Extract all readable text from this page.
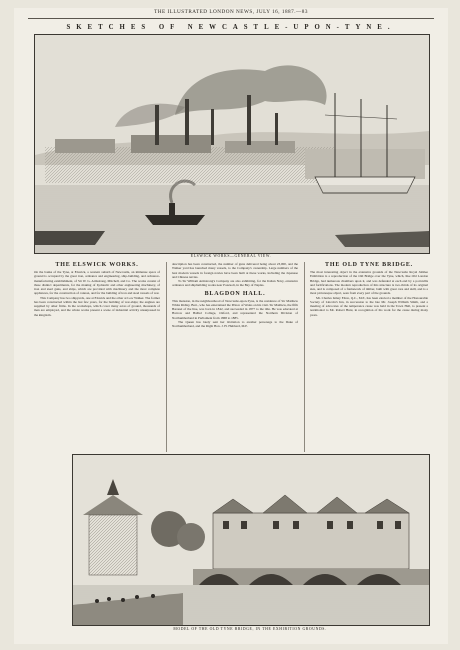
THE ILLUSTRATED LONDON NEWS, JULY 16, 1887.—83
SKETCHES OF NEWCASTLE-UPON-TYNE.
ELSWICK WORKS—GENERAL VIEW.
THE ELSWICK WORKS.

On the banks of the Tyne, at Elswick, a western suburb of Newcastle, an immense space of ground is occupied by the great iron, ordnance and engineering, ship-building, and ordnance-manufacturing establishment, of Sir W. G. Armstrong, Mitchell, and Co. The works consist of three distinct departments, for the making of hydraulic and other engineering machinery, of iron and steel guns, and ships, which are provided with machinery and the most complete appliances, for the construction of cannon, and for the building of iron and steel vessels of war.

This Company has two shipyards, one at Elswick and the other at Low Walker. The former has been constructed within the last few years, for the building of war-ships; the engines are supplied by other firms. In the workshops, which cover many acres of ground, thousands of men are employed, and the whole works present a scene of industrial activity unsurpassed in the kingdom.

description has been constructed, the number of guns delivered being about 23,000, and the Walker yard has launched many vessels, to the Company's ownership. Large numbers of the best modern vessels in foreign navies have been built at these works, including the Japanese and Chinese navies.

To Sir William Armstrong's Company are also exhibiting, for the Italian Navy, extensive ordnance and shipbuilding works near Pozzuoli, in the Bay of Naples.

BLAGDON HALL.

This mansion, in the neighbourhood of Newcastle-upon-Tyne, is the residence of Sir Matthew White Ridley, Bart., who has entertained the Prince of Wales on his visit. Sir Matthew, the fifth Baronet of the line, was born in 1842, and succeeded in 1877 to the title. He was educated at Harrow and Balliol College, Oxford, and represented the Northern Division of Northumberland in Parliament from 1868 to 1885.

The Queen has lately sent her invitation to another personage to the Duke of Northumberland, and the Right Hon. J. H. Hubbard, M.P.

THE OLD TYNE BRIDGE.

The most interesting object in the extensive grounds of the Newcastle Royal Jubilee Exhibition is a reproduction of the Old Bridge over the Tyne, which, like Old London Bridge, had numerous chambers upon it, and was defended at each end by a portcullis and fortifications. The modern reproduction of this structure is two-thirds of its original size, and is composed of a framework of timber, built with great care and skill, and is a most picturesque object, seen from every part of the grounds.

Mr. Charles Ismay Elton, Q.C., M.P., has been elected a member of the Honourable Society of Lincoln's Inn, in succession to the late Mr. Joseph William Smith, and a meeting of advocates of the temperance cause was held in the Town Hall, to present a testimonial to Mr. Robert Hunt, in recognition of his work for the cause during many years.

MODEL OF THE OLD TYNE BRIDGE, IN THE EXHIBITION GROUNDS.
